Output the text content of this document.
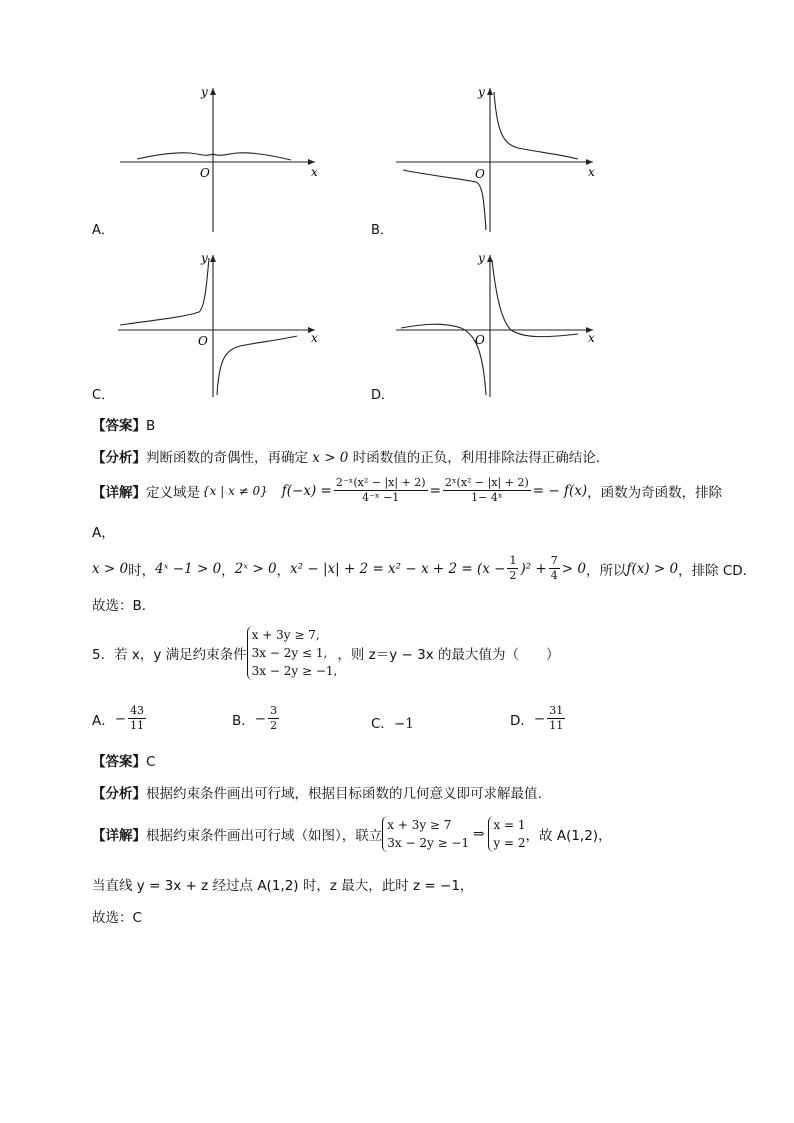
y
x
O
A．
y
x
O
B．
y
x
O
C．
y
x
O
D．
【答案】B
【分析】判断函数的奇偶性，再确定 x > 0 时函数值的正负，利用排除法得正确结论．
【详解】 定义域是 {x | x ≠ 0} $f(-x) = \frac{\text{2⁻ˣ(x² − |x| + 2)}}{\text{4⁻ˣ −1}} = \frac{\text{2ˣ(x² − |x| + 2)}}{\text{1− 4ˣ}}$ = − f(x) ，函数为奇函数，排除
A，
x > 0 时， 4ˣ −1 > 0 ， 2ˣ > 0 ， $x^2 - |x| + 2 = x^2 - x + 2 = (x - \frac{1}{2} )^2 + \frac{7}{4} > 0$ ，所以 f(x) > 0 ，排除 CD．
故选：B．
5．若 x，y 满足约束条件
x + 3y ≥ 7,
3x − 2y ≤ 1,
3x − 2y ≥ −1,
，则 z＝y − 3x 的最大值为（　　）
A． − $\frac{43}{11}$	B． − $\frac{3}{2}$	C．−1	D． − $\frac{31}{11}$
【答案】C
【分析】根据约束条件画出可行域，根据目标函数的几何意义即可求解最值.
【详解】 根据约束条件画出可行域（如图），联立
x + 3y ≥ 7
3x − 2y ≥ −1
⇒
x = 1
y = 2 ，故 A(1,2)，
当直线 y = 3x + z 经过点 A(1,2) 时，z 最大，此时 z = −1，
故选：C
